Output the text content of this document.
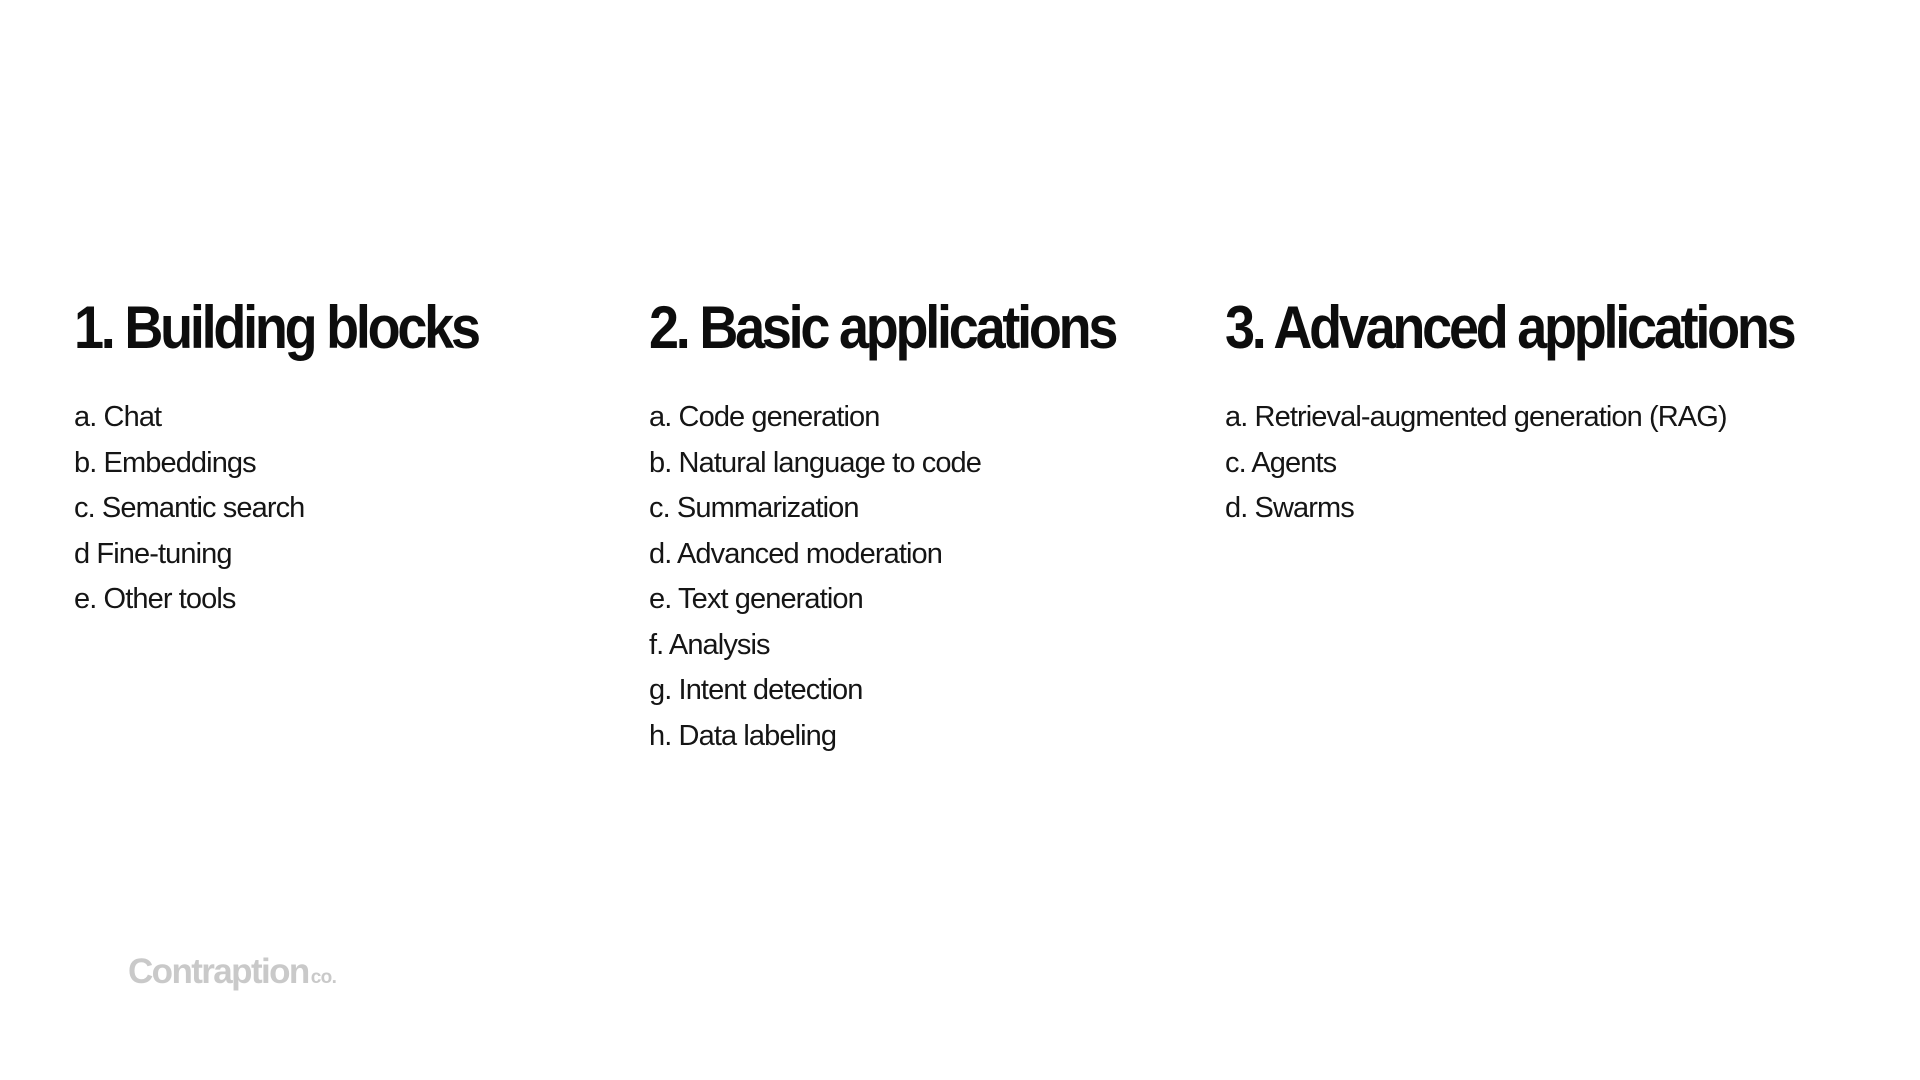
1. Building blocks
a. Chat
b. Embeddings
c. Semantic search
d Fine-tuning
e. Other tools
2. Basic applications
a. Code generation
b. Natural language to code
c. Summarization
d. Advanced moderation
e. Text generation
f. Analysis
g. Intent detection
h. Data labeling
3. Advanced applications
a. Retrieval-augmented generation (RAG)
c. Agents
d. Swarms
Contraption co.
